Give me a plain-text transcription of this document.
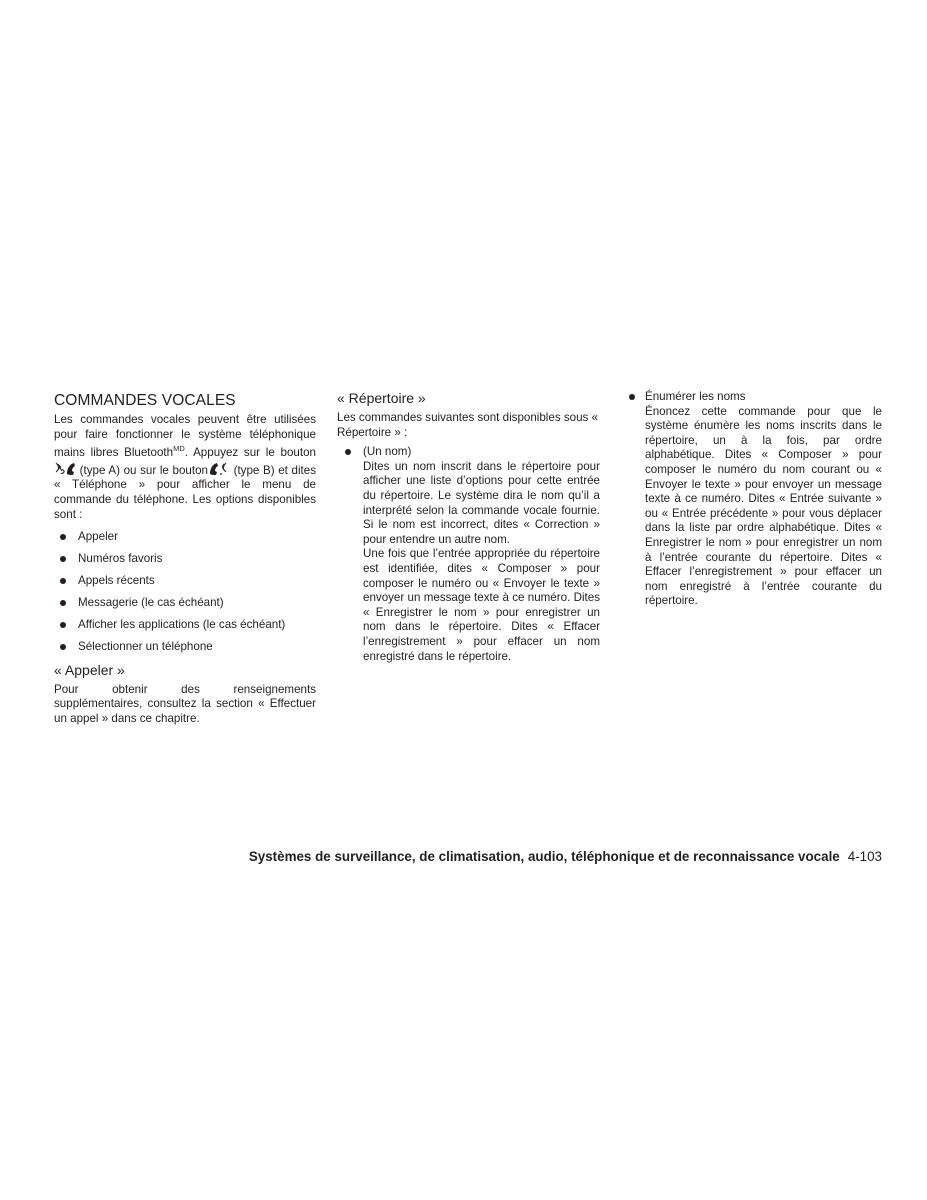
COMMANDES VOCALES

Les commandes vocales peuvent être utilisées pour faire fonctionner le système téléphonique mains libres Bluetooth$^{MD}$. Appuyez sur le bouton (type A) ou sur le bouton (type B) et dites « Téléphone » pour afficher le menu de commande du téléphone. Les options disponibles sont :

Appeler
Numéros favoris
Appels récents
Messagerie (le cas échéant)
Afficher les applications (le cas échéant)
Sélectionner un téléphone
« Appeler »

Pour obtenir des renseignements supplémentaires, consultez la section « Effectuer un appel » dans ce chapitre.

« Répertoire »

Les commandes suivantes sont disponibles sous « Répertoire » :

(Un nom)

Dites un nom inscrit dans le répertoire pour afficher une liste d’options pour cette entrée du répertoire. Le système dira le nom qu’il a interprété selon la commande vocale fournie. Si le nom est incorrect, dites « Correction » pour entendre un autre nom.

Une fois que l’entrée appropriée du répertoire est identifiée, dites « Composer » pour composer le numéro ou « Envoyer le texte » envoyer un message texte à ce numéro. Dites « Enregistrer le nom » pour enregistrer un nom dans le répertoire. Dites « Effacer l’enregistrement » pour effacer un nom enregistré dans le répertoire.

Énumérer les noms

Énoncez cette commande pour que le système énumère les noms inscrits dans le répertoire, un à la fois, par ordre alphabétique. Dites « Composer » pour composer le numéro du nom courant ou « Envoyer le texte » pour envoyer un message texte à ce numéro. Dites « Entrée suivante » ou « Entrée précédente » pour vous déplacer dans la liste par ordre alphabétique. Dites « Enregistrer le nom » pour enregistrer un nom à l’entrée courante du répertoire. Dites « Effacer l’enregistrement » pour effacer un nom enregistré à l’entrée courante du répertoire.

Systèmes de surveillance, de climatisation, audio, téléphonique et de reconnaissance vocale 4-103
